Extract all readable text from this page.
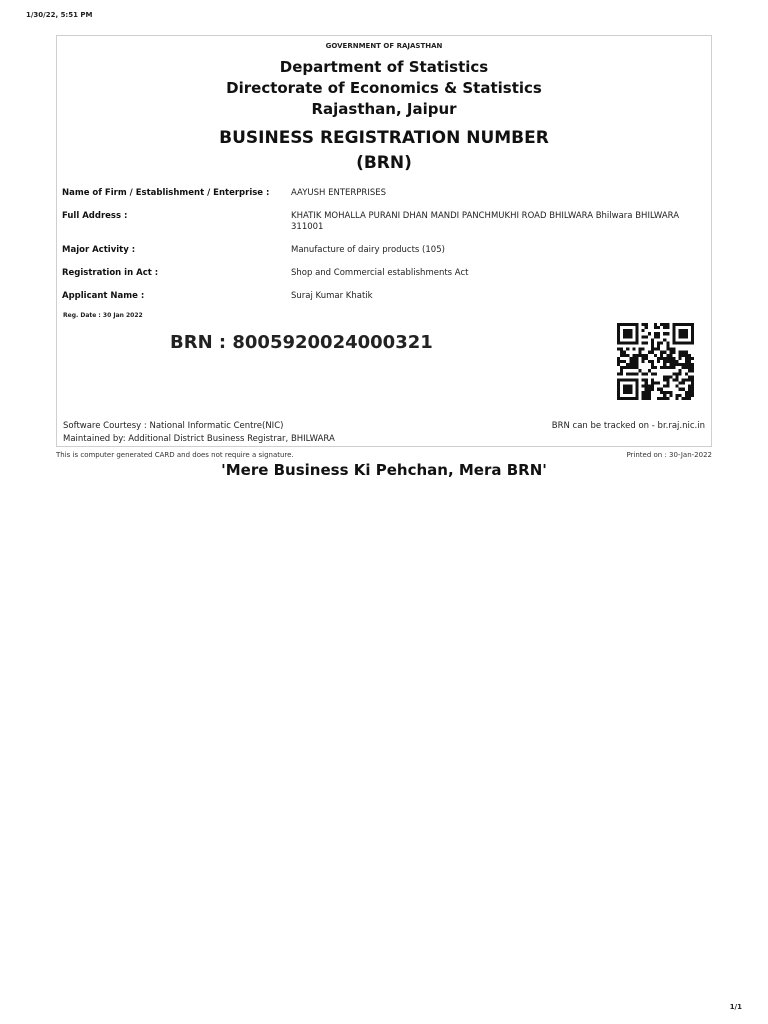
1/30/22, 5:51 PM
GOVERNMENT OF RAJASTHAN
Department of Statistics
Directorate of Economics & Statistics
Rajasthan, Jaipur
BUSINESS REGISTRATION NUMBER
(BRN)
Name of Firm / Establishment / Enterprise :	AAYUSH ENTERPRISES
Full Address :	KHATIK MOHALLA PURANI DHAN MANDI PANCHMUKHI ROAD BHILWARA Bhilwara BHILWARA 311001
Major Activity :	Manufacture of dairy products (105)
Registration in Act :	Shop and Commercial establishments Act
Applicant Name :	Suraj Kumar Khatik
Reg. Date : 30 Jan 2022
BRN : 8005920024000321
Software Courtesy : National Informatic Centre(NIC)
Maintained by: Additional District Business Registrar, BHILWARA
BRN can be tracked on - br.raj.nic.in
This is computer generated CARD and does not require a signature.	Printed on : 30-Jan-2022
'Mere Business Ki Pehchan, Mera BRN'
1/1
